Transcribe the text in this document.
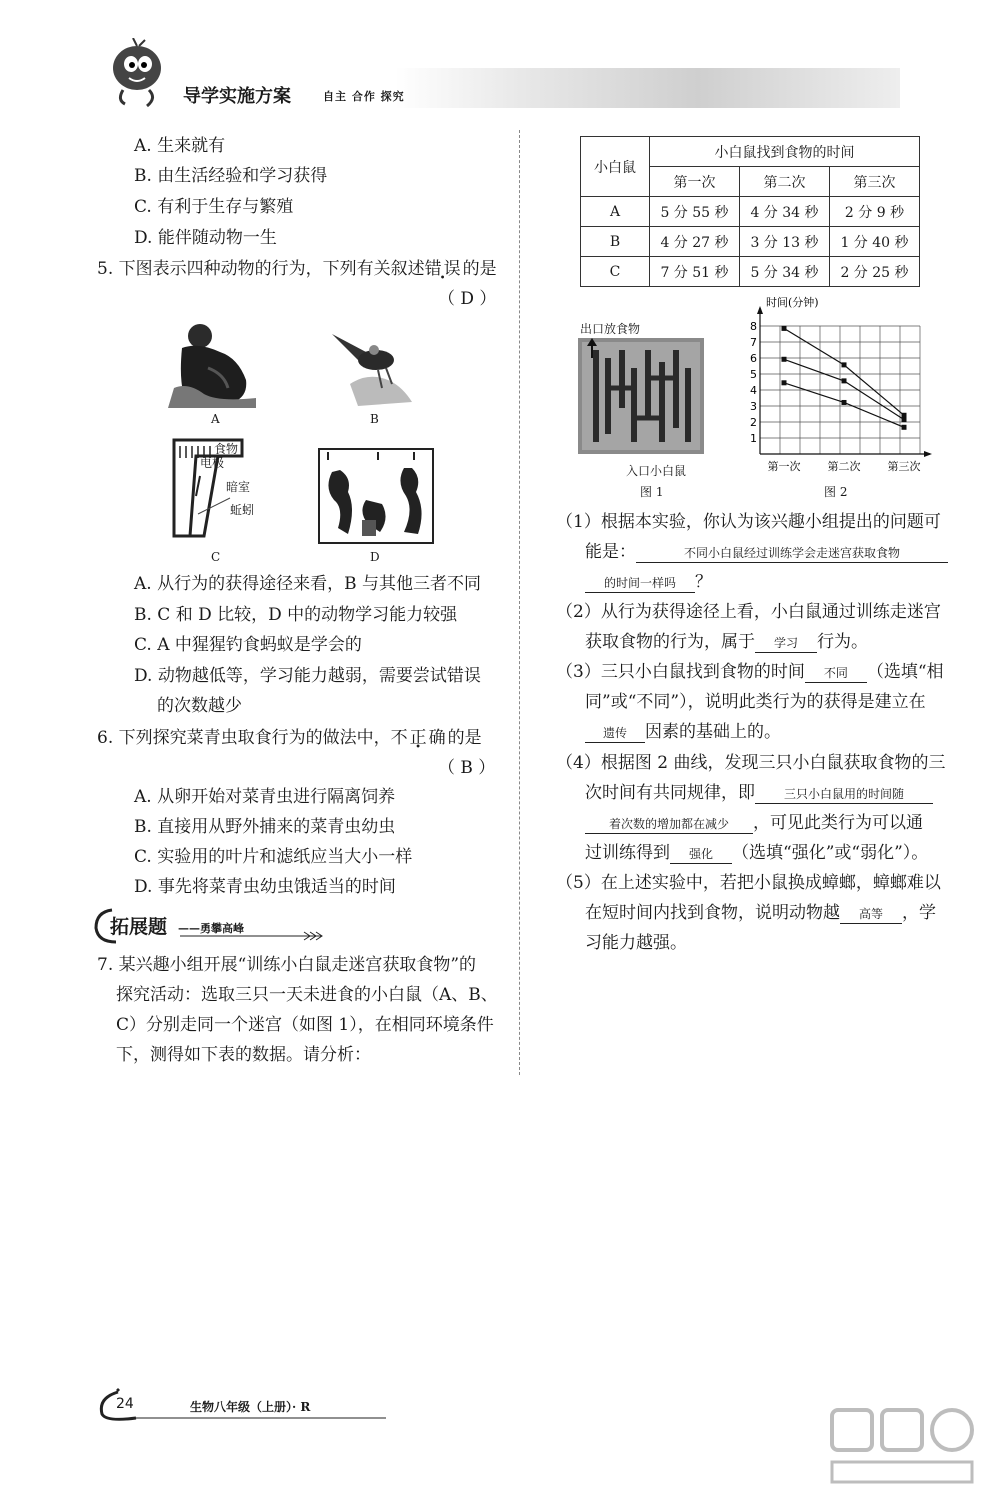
导学实施方案	自主 合作 探究
A. 生来就有
B. 由生活经验和学习获得
C. 有利于生存与繁殖
D. 能伴随动物一生
5. 下图表示四种动物的行为，下列有关叙述错误的是
（ D ）
A	B
食物
电极
暗室
蚯蚓
C	D
A. 从行为的获得途径来看，B 与其他三者不同
B. C 和 D 比较，D 中的动物学习能力较强
C. A 中猩猩钓食蚂蚁是学会的
D. 动物越低等，学习能力越弱，需要尝试错误
的次数越少
6. 下列探究菜青虫取食行为的做法中，不正确的是
（ B ）
A. 从卵开始对菜青虫进行隔离饲养
B. 直接用从野外捕来的菜青虫幼虫
C. 实验用的叶片和滤纸应当大小一样
D. 事先将菜青虫幼虫饿适当的时间
拓展题 ——勇攀高峰
7. 某兴趣小组开展“训练小白鼠走迷宫获取食物”的
探究活动：选取三只一天未进食的小白鼠（A、B、
C）分别走同一个迷宫（如图 1），在相同环境条件
下，测得如下表的数据。请分析：
小白鼠	小白鼠找到食物的时间		
	第一次	第二次	第三次
A	5 分 55 秒	4 分 34 秒	2 分 9 秒
B	4 分 27 秒	3 分 13 秒	1 分 40 秒
C	7 分 51 秒	5 分 34 秒	2 分 25 秒
出口放食物
入口小白鼠
图 1
时间(分钟)
1
2
3
4
5
6
7
8
第一次 第二次 第三次
图 2
（1）根据本实验，你认为该兴趣小组提出的问题可
能是：	不同小白鼠经过训练学会走迷宫获取食物
的时间一样吗 ？
（2）从行为获得途径上看，小白鼠通过训练走迷宫
获取食物的行为，属于 学习 行为。
（3）三只小白鼠找到食物的时间 不同 （选填“相
同”或“不同”），说明此类行为的获得是建立在
遗传 因素的基础上的。
（4）根据图 2 曲线，发现三只小白鼠获取食物的三
次时间有共同规律，即 三只小白鼠用的时间随
着次数的增加都在减少 ，可见此类行为可以通
过训练得到 强化 （选填“强化”或“弱化”）。
（5）在上述实验中，若把小鼠换成蟑螂，蟑螂难以
在短时间内找到食物，说明动物越 高等 ，学
习能力越强。
24	生物八年级（上册）· R
